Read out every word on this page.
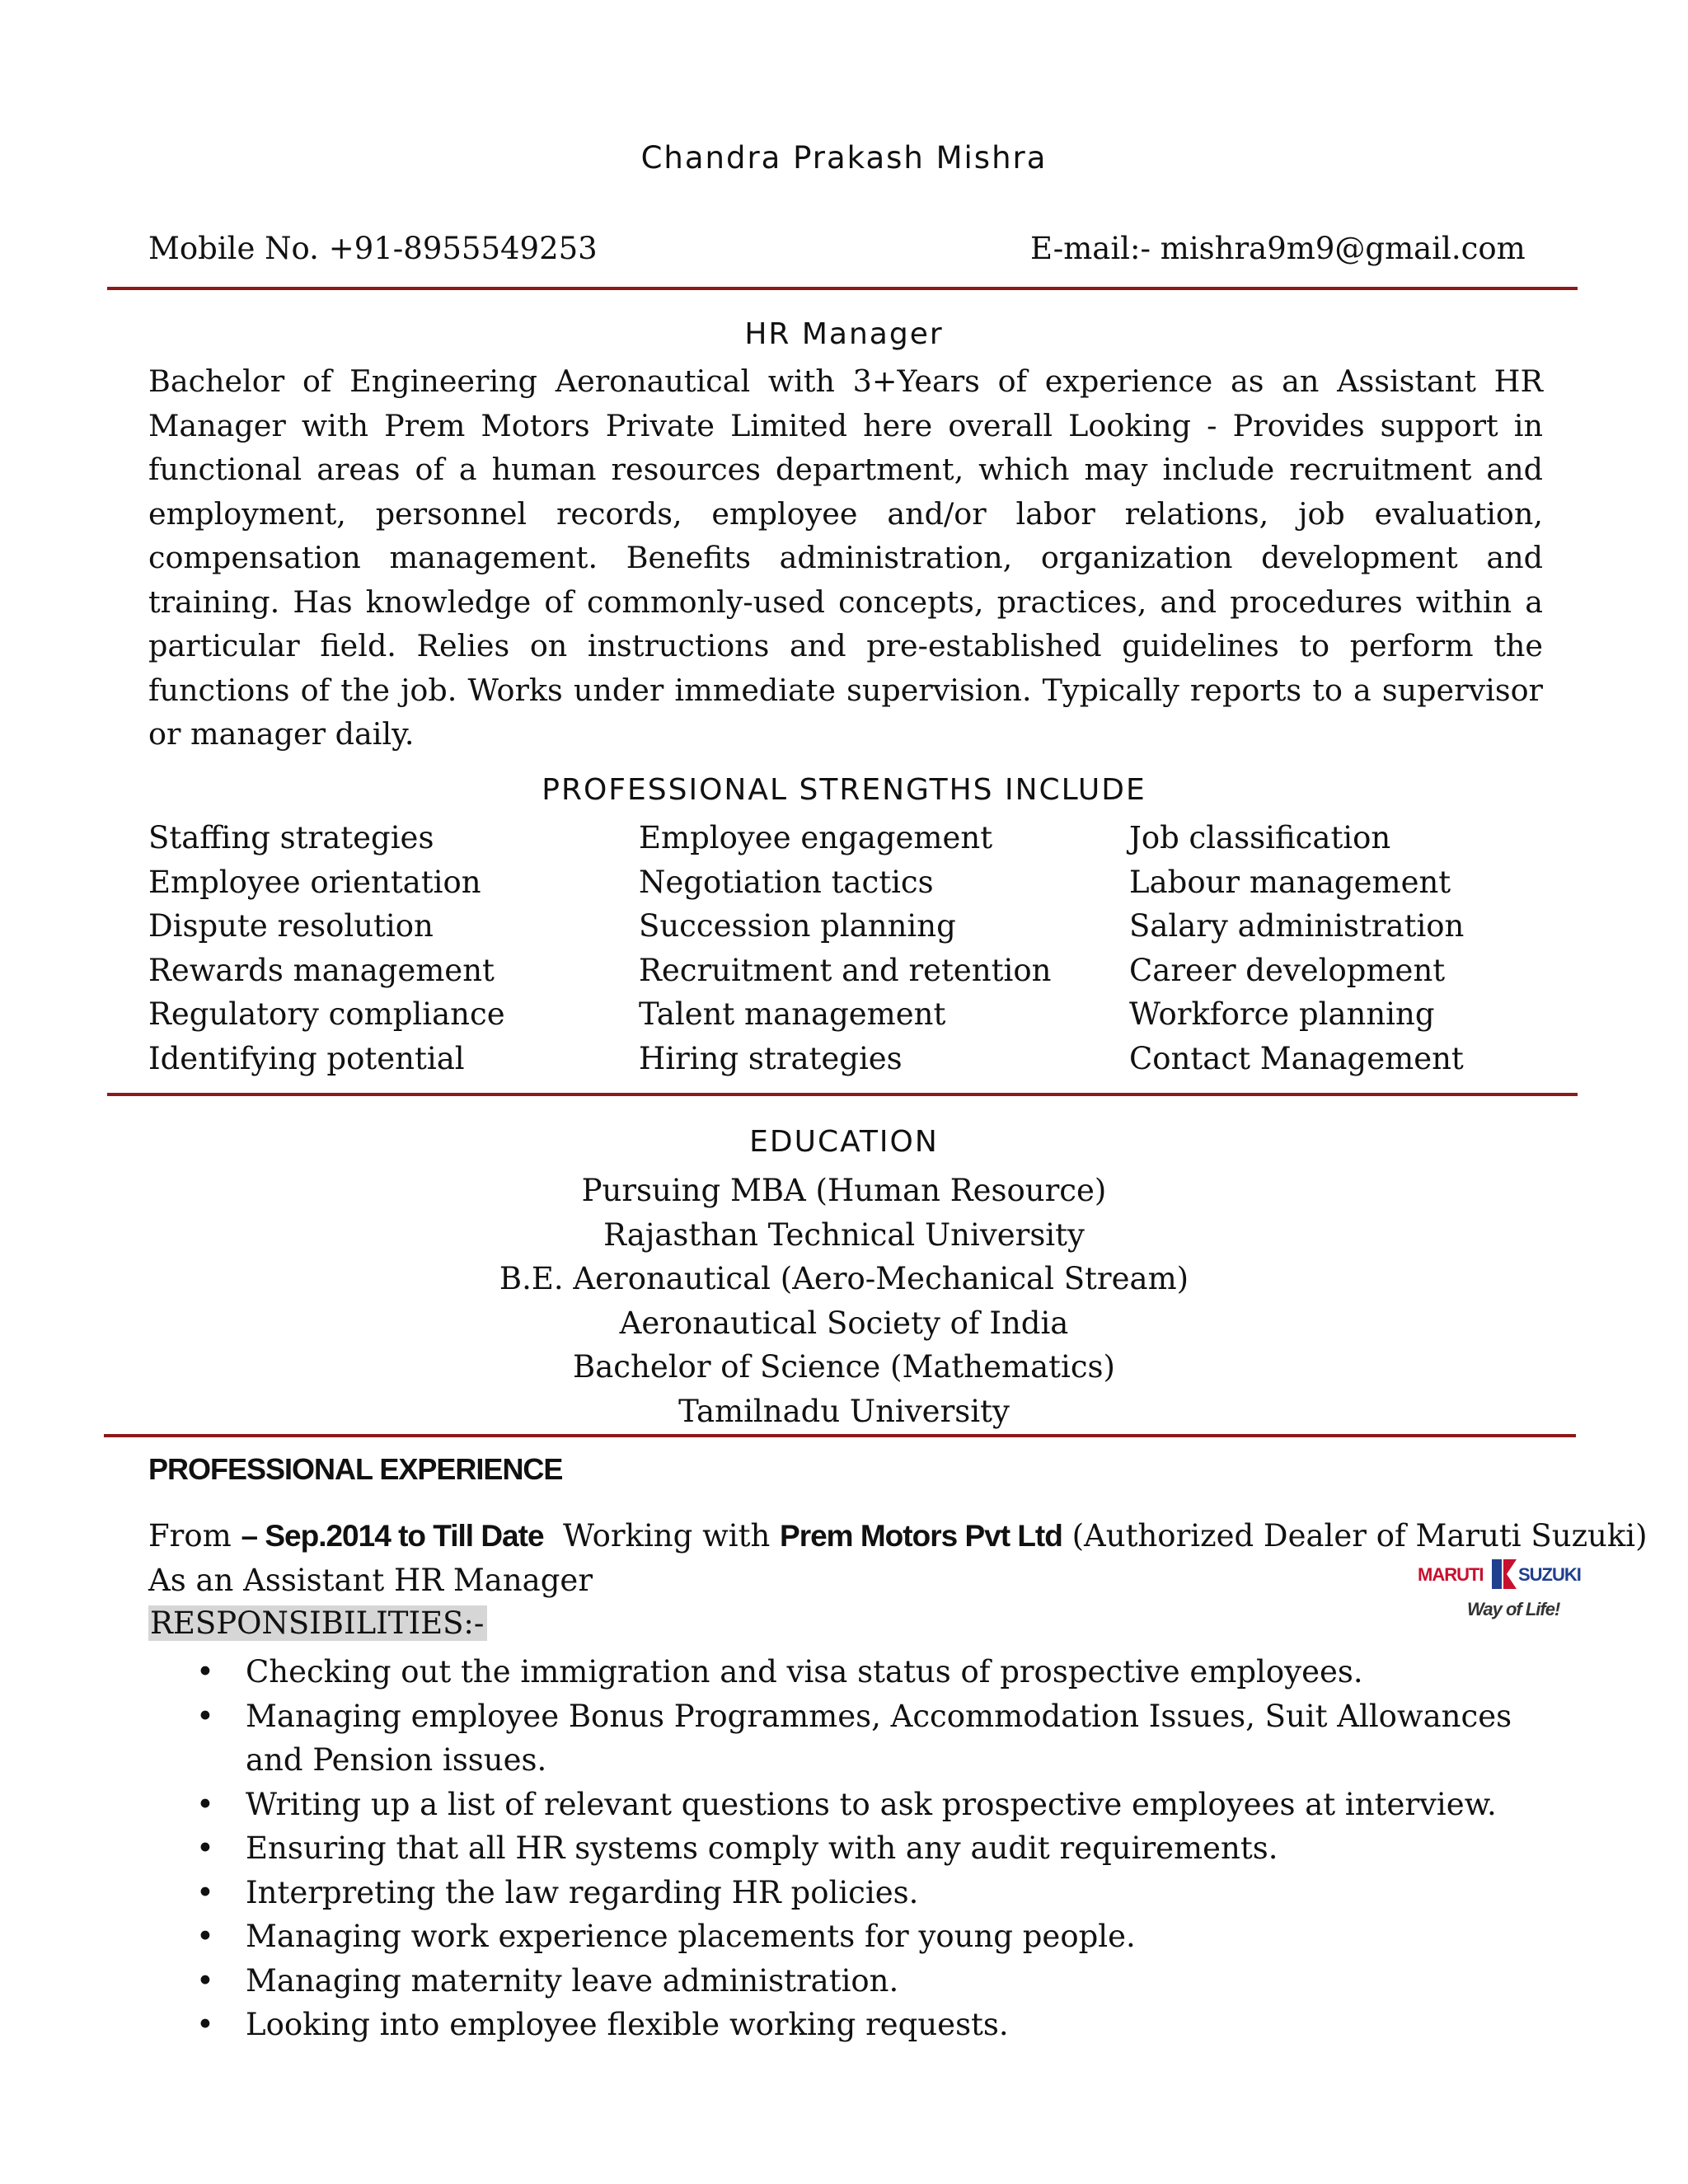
Chandra Prakash Mishra
Mobile No. +91-8955549253	E-mail:- mishra9m9@gmail.com
HR Manager
Bachelor of Engineering Aeronautical with 3+Years of experience as an Assistant HR Manager with Prem Motors Private Limited here overall Looking - Provides support in functional areas of a human resources department, which may include recruitment and employment, personnel records, employee and/or labor relations, job evaluation, compensation management. Benefits administration, organization development and training. Has knowledge of commonly-used concepts, practices, and procedures within a particular field. Relies on instructions and pre-established guidelines to perform the functions of the job. Works under immediate supervision. Typically reports to a supervisor or manager daily.
PROFESSIONAL STRENGTHS INCLUDE
Staffing strategies
Employee orientation
Dispute resolution
Rewards management
Regulatory compliance
Identifying potential
Employee engagement
Negotiation tactics
Succession planning
Recruitment and retention
Talent management
Hiring strategies
Job classification
Labour management
Salary administration
Career development
Workforce planning
Contact Management
EDUCATION
Pursuing MBA (Human Resource)
Rajasthan Technical University
B.E. Aeronautical (Aero-Mechanical Stream)
Aeronautical Society of India
Bachelor of Science (Mathematics)
Tamilnadu University
PROFESSIONAL EXPERIENCE
From – Sep.2014 to Till Date  Working with Prem Motors Pvt Ltd (Authorized Dealer of Maruti Suzuki)
As an Assistant HR Manager
RESPONSIBILITIES:-
MARUTI SUZUKI
Way of Life!
• Checking out the immigration and visa status of prospective employees.
• Managing employee Bonus Programmes, Accommodation Issues, Suit Allowances and Pension issues.
• Writing up a list of relevant questions to ask prospective employees at interview.
• Ensuring that all HR systems comply with any audit requirements.
• Interpreting the law regarding HR policies.
• Managing work experience placements for young people.
• Managing maternity leave administration.
• Looking into employee flexible working requests.
